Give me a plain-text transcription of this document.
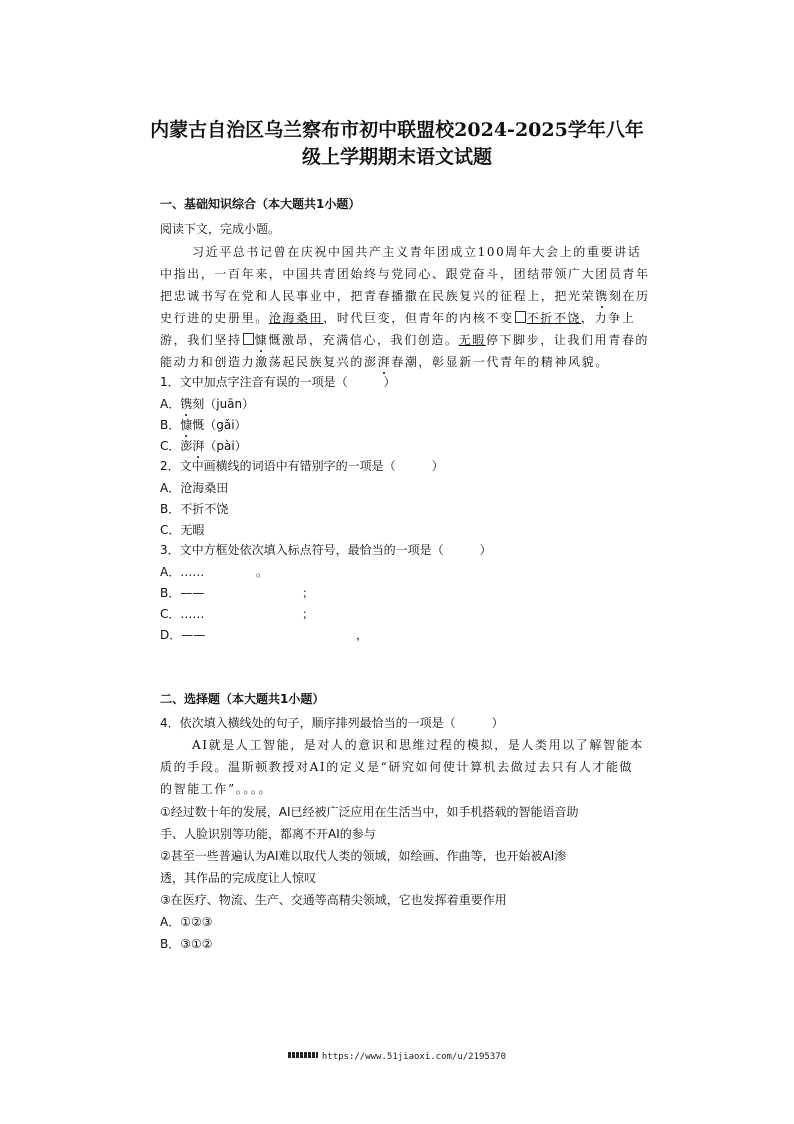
内蒙古自治区乌兰察布市初中联盟校2024-2025学年八年
级上学期期末语文试题
一、基础知识综合（本大题共1小题）
阅读下文，完成小题。
习近平总书记曾在庆祝中国共产主义青年团成立100周年大会上的重要讲话
中指出，一百年来，中国共青团始终与党同心、跟党奋斗，团结带领广大团员青年
把忠诚书写在党和人民事业中，把青春播撒在民族复兴的征程上，把光荣镌刻在历
史行进的史册里。沧海桑田，时代巨变，但青年的内核不变 不折不饶，力争上
游，我们坚持 慷慨激昂，充满信心，我们创造。无暇停下脚步，让我们用青春的
能动力和创造力激荡起民族复兴的澎湃春潮，彰显新一代青年的精神风貌。
1．文中加点字注音有误的一项是（　　　）
A．镌刻（juān）
B．慷慨（gǎi）
C．澎湃（pài）
2．文中画横线的词语中有错别字的一项是（　　　）
A．沧海桑田
B．不折不饶
C．无暇
3．文中方框处依次填入标点符号，最恰当的一项是（　　　）
A．……	。
B．——	；
C．……	；
D．——	，
二、选择题（本大题共1小题）
4．依次填入横线处的句子，顺序排列最恰当的一项是（　　　）
AI就是人工智能，是对人的意识和思维过程的模拟，是人类用以了解智能本
质的手段。温斯顿教授对AI的定义是“研究如何使计算机去做过去只有人才能做
的智能工作”。。。。
①经过数十年的发展，AI已经被广泛应用在生活当中，如手机搭载的智能语音助
手、人脸识别等功能，都离不开AI的参与
②甚至一些普遍认为AI难以取代人类的领域，如绘画、作曲等，也开始被AI渗
透，其作品的完成度让人惊叹
③在医疗、物流、生产、交通等高精尖领域，它也发挥着重要作用
A．①②③
B．③①②
https://www.51jiaoxi.com/u/2195370
